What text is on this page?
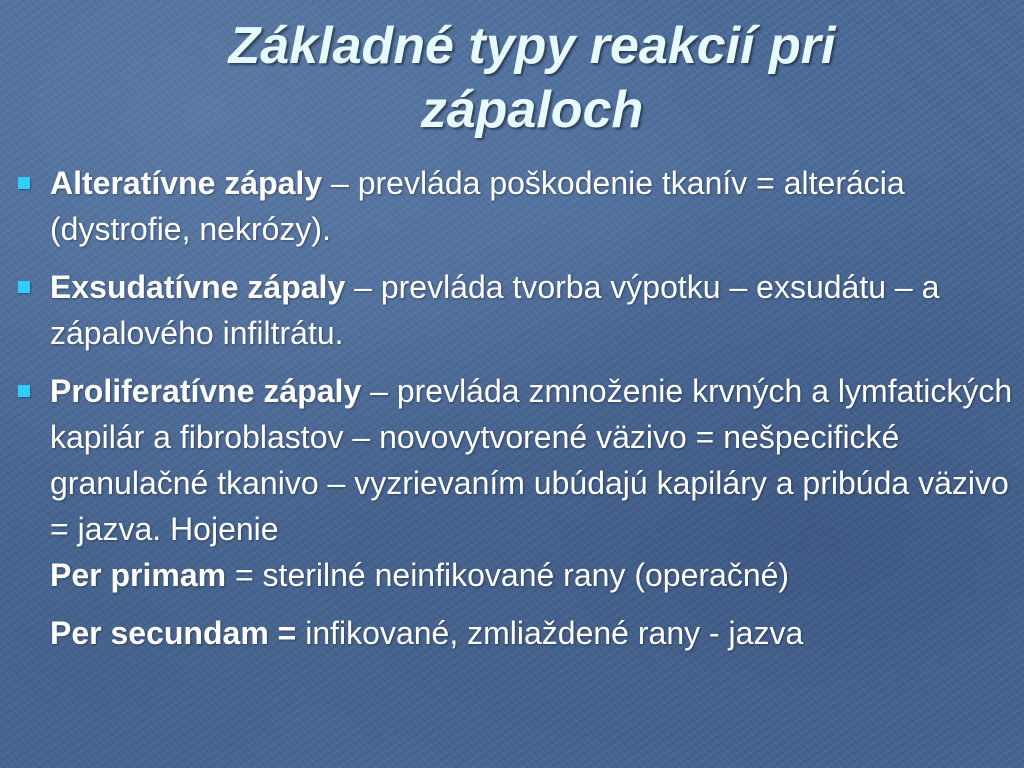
Základné typy reakcií pri
zápaloch
Alteratívne zápaly – prevláda poškodenie tkanív = alterácia (dystrofie, nekrózy).
Exsudatívne zápaly – prevláda tvorba výpotku – exsudátu – a zápalového infiltrátu.
Proliferatívne zápaly – prevláda zmnoženie krvných a lymfatických kapilár a fibroblastov – novovytvorené väzivo = nešpecifické granulačné tkanivo – vyzrievaním ubúdajú kapiláry a pribúda väzivo = jazva. Hojenie
Per primam = sterilné neinfikované rany (operačné)
Per secundam = infikované, zmliaždené rany - jazva
